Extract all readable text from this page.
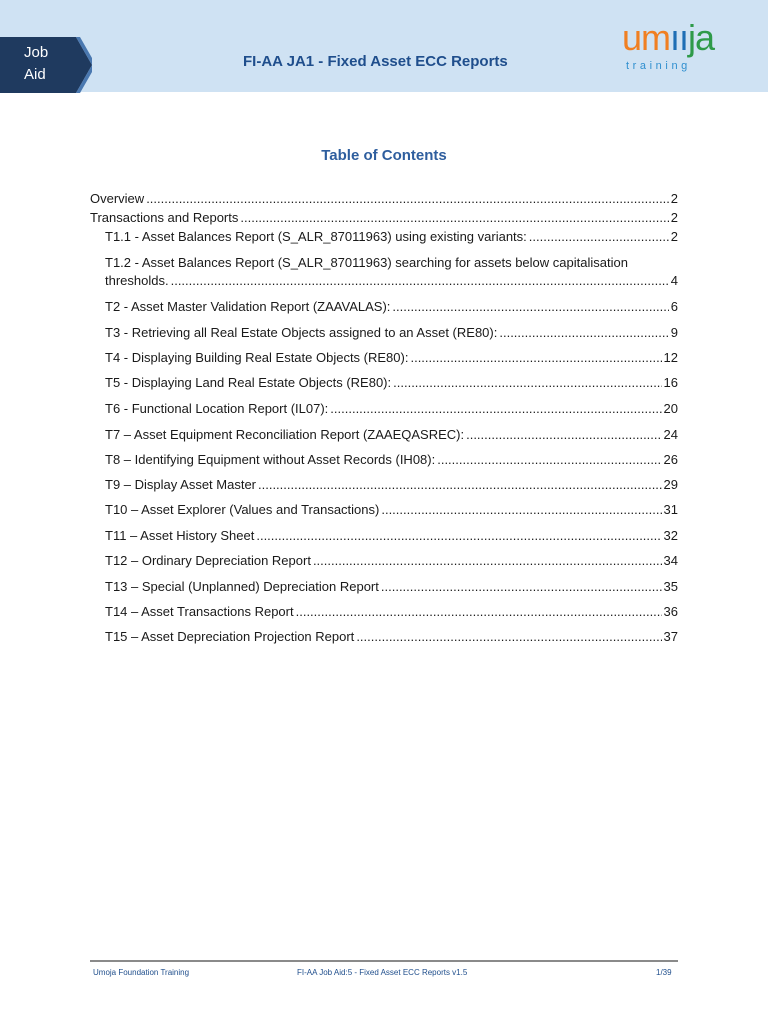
Job
Aid
FI-AA JA1 - Fixed Asset ECC Reports
umııja
training
Table of Contents
Overview .....	2
Transactions and Reports .....	2
T1.1 - Asset Balances Report (S_ALR_87011963) using existing variants: .....	2
T1.2 - Asset Balances Report (S_ALR_87011963) searching for assets below capitalisation
thresholds. .....	4
T2 - Asset Master Validation Report (ZAAVALAS): .....	6
T3 - Retrieving all Real Estate Objects assigned to an Asset (RE80): .....	9
T4 - Displaying Building Real Estate Objects (RE80): .....	12
T5 - Displaying Land Real Estate Objects (RE80): .....	16
T6 - Functional Location Report (IL07): .....	20
T7 – Asset Equipment Reconciliation Report (ZAAEQASREC): .....	24
T8 – Identifying Equipment without Asset Records (IH08): .....	26
T9 – Display Asset Master .....	29
T10 – Asset Explorer (Values and Transactions) .....	31
T11 – Asset History Sheet .....	32
T12 – Ordinary Depreciation Report .....	34
T13 – Special (Unplanned) Depreciation Report .....	35
T14 – Asset Transactions Report .....	36
T15 – Asset Depreciation Projection Report .....	37
Umoja Foundation Training	FI-AA Job Aid:5 - Fixed Asset ECC Reports v1.5	1/39
